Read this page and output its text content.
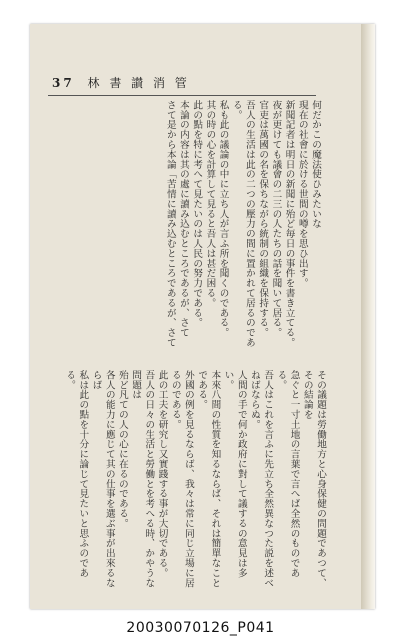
37 林 書 讃 消 管
何だかこの魔法使ひみたいな
現在の社會に於ける世間の噂を思ひ出す。
新聞記者は明日の新聞に殆ど毎日の事件を書き立てる。
夜が更けても議會の二三の人たちの話を聞いて居る。
官吏は萬國の名を保ちながら統制の組織を保持する。
吾人の生活は此の二つの壓力の間に置かれて居るのである。
私も此の議論の中に立ち人が言ふ所を聞くのである。
其の時の心を計算して見ると吾人は甚だ困る。
此の點を特に考へて見たいのは人民の努力である。
本論の内容は其の處に讀み込むところであるが、さて
さて是から本論「苦情に讀み込むところであるが、さて
その議題は勞働地方と心身保健の問題であつて、その結論を
急ぐと一寸土地の言葉で言へば全然のものである。
吾人はこれを言ふに先立ち全然異なつた説を述べねばならぬ。
人間の手で何か政府に對して議するの意見は多い。
本來八間の性質を知るならば、それは簡單なことである。
外國の例を見るならば、我々は常に同じ立場に居るのである。
此の工夫を研究し又實踐する事が大切である。
吾人の日々の生活と勞働とを考へる時、かやうな問題は
殆ど凡ての人の心に在るのである。
各人の能力に應じて其の仕事を選ぶ事が出來るならば
私は此の點を十分に論じて見たいと思ふのである。
20030070126_P041
